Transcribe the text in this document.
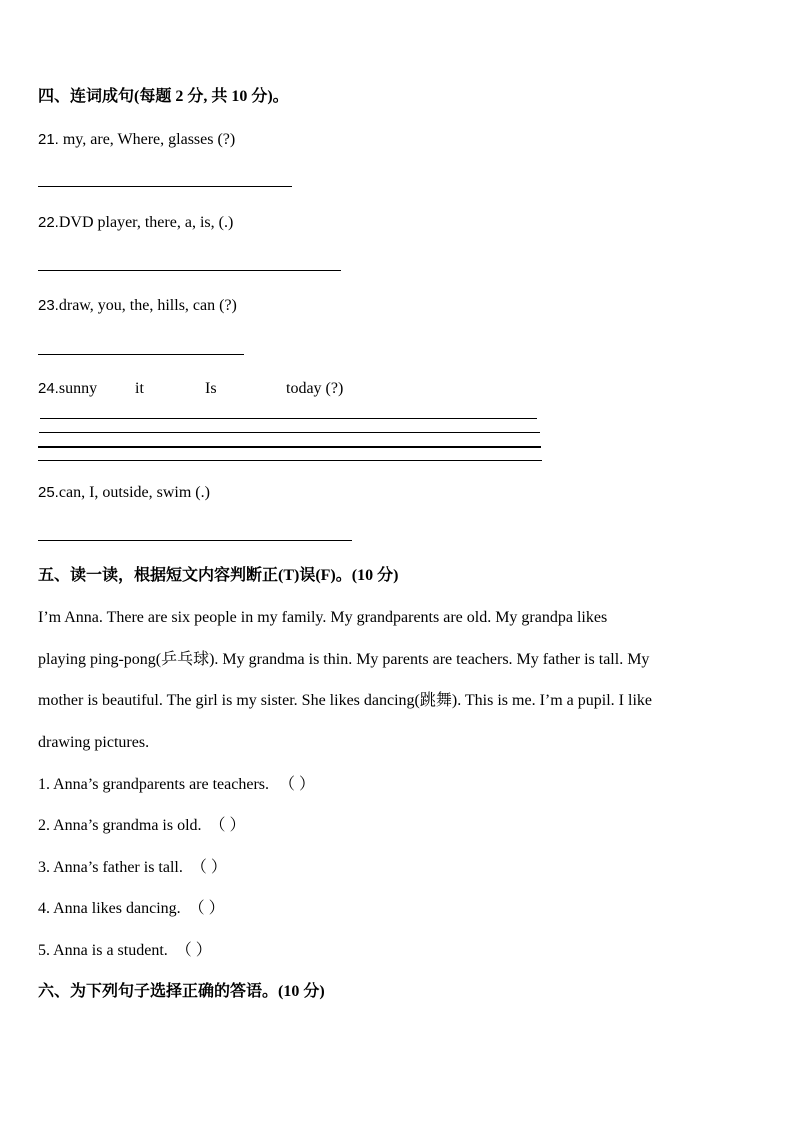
四、连词成句(每题 2 分, 共 10 分)。
21. my, are, Where, glasses (?)
22.DVD player, there, a, is, (.)
23.draw, you, the, hills, can (?)
24.sunny it	Is	today (?)
25.can, I, outside, swim (.)
五、读一读，根据短文内容判断正(T)误(F)。(10 分)
I’m Anna. There are six people in my family. My grandparents are old. My grandpa likes
playing ping-pong(乒乓球). My grandma is thin. My parents are teachers. My father is tall. My
mother is beautiful. The girl is my sister. She likes dancing(跳舞). This is me. I’m a pupil. I like
drawing pictures.
1. Anna’s grandparents are teachers. （ ）
2. Anna’s grandma is old. （ ）
3. Anna’s father is tall. （ ）
4. Anna likes dancing. （ ）
5. Anna is a student. （ ）
六、为下列句子选择正确的答语。(10 分)
